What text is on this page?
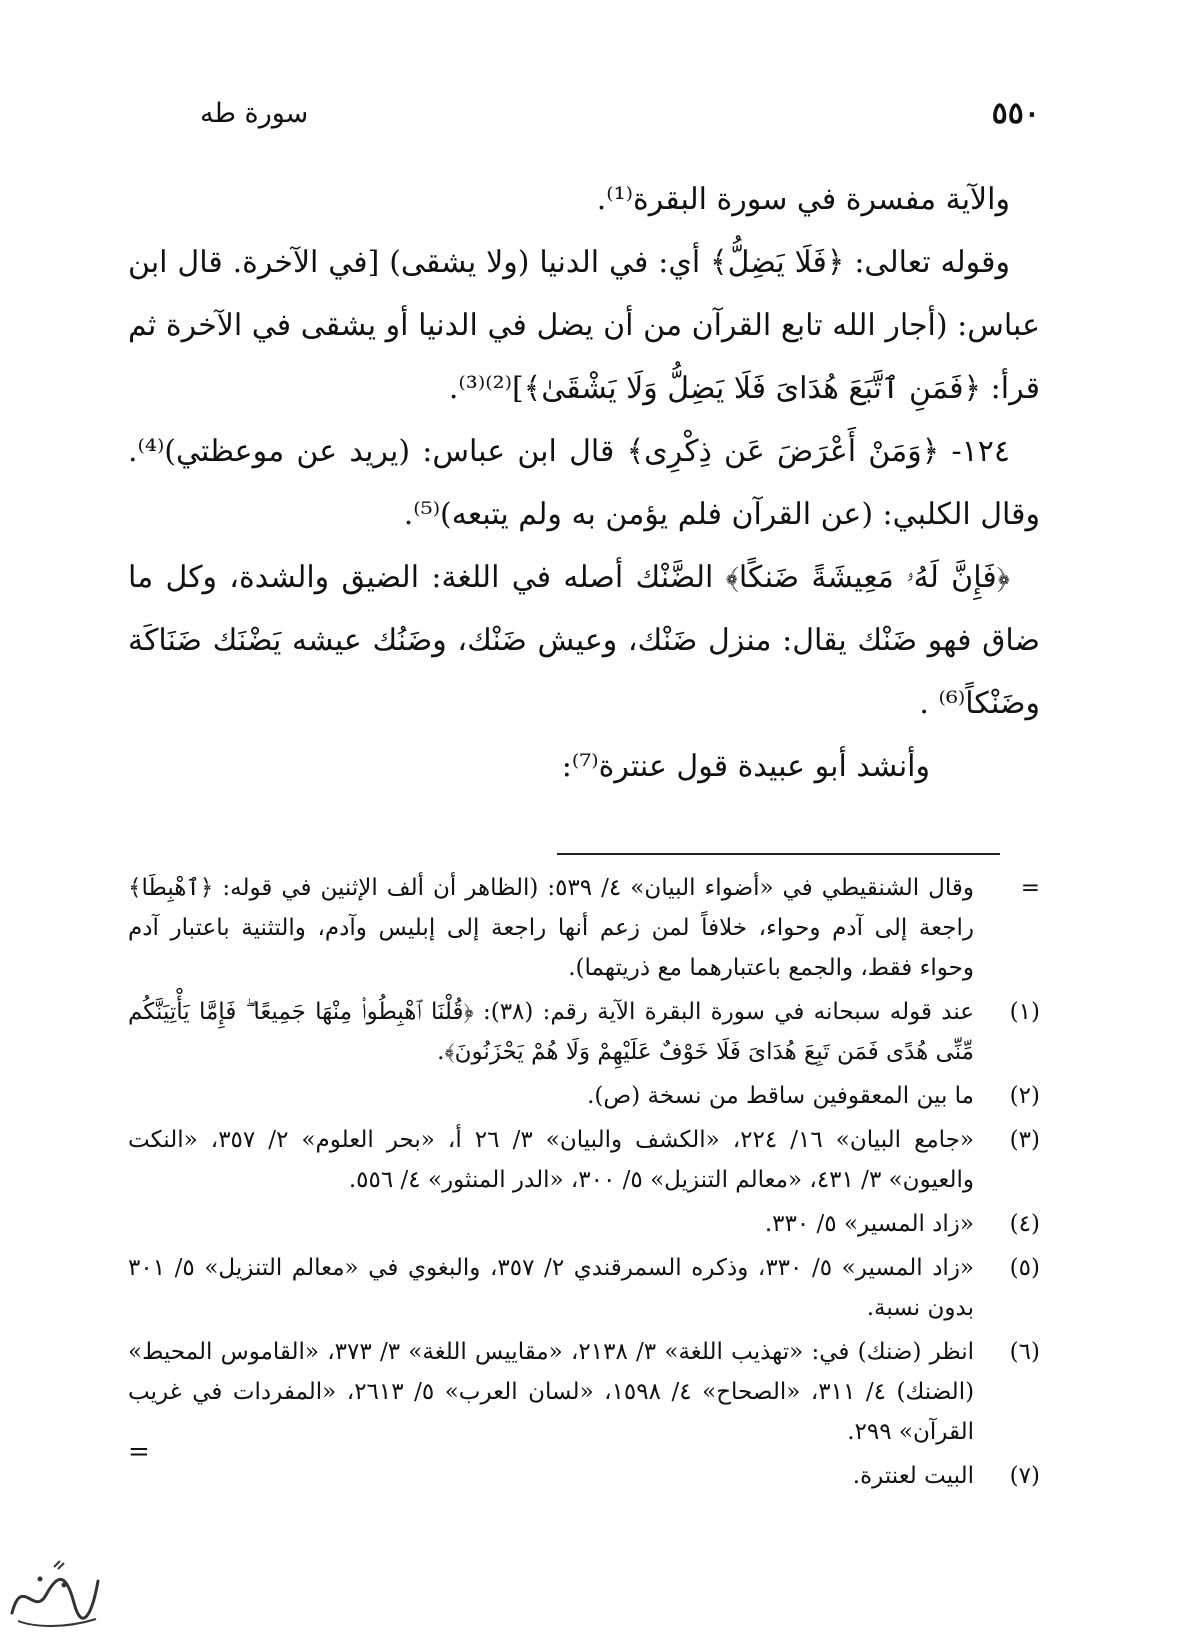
سورة طه	٥٥٠

والآية مفسرة في سورة البقرة⁽¹⁾.

وقوله تعالى: ﴿فَلَا يَضِلُّ﴾ أي: في الدنيا (ولا يشقى) [في الآخرة. قال ابن عباس: (أجار الله تابع القرآن من أن يضل في الدنيا أو يشقى في الآخرة ثم قرأ: ﴿فَمَنِ ٱتَّبَعَ هُدَاىَ فَلَا يَضِلُّ وَلَا يَشْقَىٰ﴾]⁽²⁾⁽³⁾.

١٢٤- ﴿وَمَنْ أَعْرَضَ عَن ذِكْرِى﴾ قال ابن عباس: (يريد عن موعظتي)⁽⁴⁾. وقال الكلبي: (عن القرآن فلم يؤمن به ولم يتبعه)⁽⁵⁾.

﴿فَإِنَّ لَهُۥ مَعِيشَةً ضَنكًا﴾ الضَّنْك أصله في اللغة: الضيق والشدة، وكل ما ضاق فهو ضَنْك يقال: منزل ضَنْك، وعيش ضَنْك، وضَنُك عيشه يَضْنَك ضَنَاكَة وضَنْكاً⁽⁶⁾ .

وأنشد أبو عبيدة قول عنترة⁽⁷⁾:

=
وقال الشنقيطي في «أضواء البيان» ٤/ ٥٣٩: (الظاهر أن ألف الإثنين في قوله: ﴿ٱهْبِطَا﴾ راجعة إلى آدم وحواء، خلافاً لمن زعم أنها راجعة إلى إبليس وآدم، والتثنية باعتبار آدم وحواء فقط، والجمع باعتبارهما مع ذريتهما).
(١)
عند قوله سبحانه في سورة البقرة الآية رقم: (٣٨): ﴿قُلْنَا ٱهْبِطُوا۟ مِنْهَا جَمِيعًا ۖ فَإِمَّا يَأْتِيَنَّكُم مِّنِّى هُدًى فَمَن تَبِعَ هُدَاىَ فَلَا خَوْفٌ عَلَيْهِمْ وَلَا هُمْ يَحْزَنُونَ﴾.
(٢)
ما بين المعقوفين ساقط من نسخة (ص).
(٣)
«جامع البيان» ١٦/ ٢٢٤، «الكشف والبيان» ٣/ ٢٦ أ، «بحر العلوم» ٢/ ٣٥٧، «النكت والعيون» ٣/ ٤٣١، «معالم التنزيل» ٥/ ٣٠٠، «الدر المنثور» ٤/ ٥٥٦.
(٤)
«زاد المسير» ٥/ ٣٣٠.
(٥)
«زاد المسير» ٥/ ٣٣٠، وذكره السمرقندي ٢/ ٣٥٧، والبغوي في «معالم التنزيل» ٥/ ٣٠١ بدون نسبة.
(٦)
انظر (ضنك) في: «تهذيب اللغة» ٣/ ٢١٣٨، «مقاييس اللغة» ٣/ ٣٧٣، «القاموس المحيط» (الضنك) ٤/ ٣١١، «الصحاح» ٤/ ١٥٩٨، «لسان العرب» ٥/ ٢٦١٣، «المفردات في غريب القرآن» ٢٩٩.
(٧)
البيت لعنترة.
=
